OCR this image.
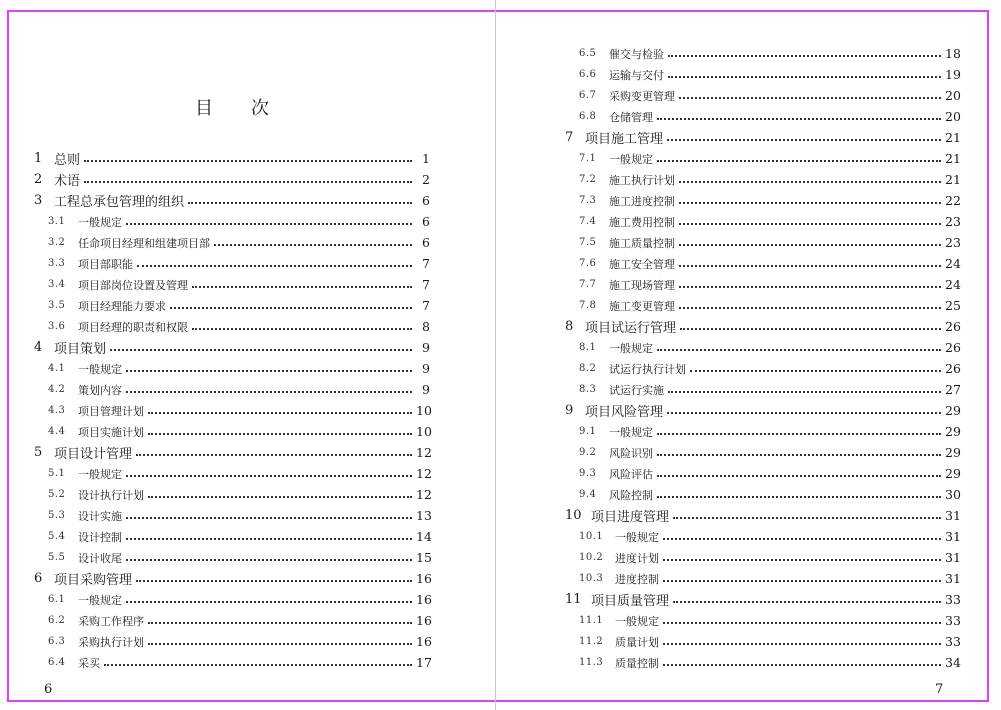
目 次
1 总则	1
2 术语	2
3 工程总承包管理的组织	6
3.1	一般规定	6
3.2	任命项目经理和组建项目部	6
3.3	项目部职能	7
3.4	项目部岗位设置及管理	7
3.5	项目经理能力要求	7
3.6	项目经理的职责和权限	8
4 项目策划	9
4.1	一般规定	9
4.2	策划内容	9
4.3	项目管理计划	10
4.4	项目实施计划	10
5 项目设计管理	12
5.1	一般规定	12
5.2	设计执行计划	12
5.3	设计实施	13
5.4	设计控制	14
5.5	设计收尾	15
6 项目采购管理	16
6.1	一般规定	16
6.2	采购工作程序	16
6.3	采购执行计划	16
6.4	采买	17
6.5	催交与检验	18
6.6	运输与交付	19
6.7	采购变更管理	20
6.8	仓储管理	20
7 项目施工管理	21
7.1	一般规定	21
7.2	施工执行计划	21
7.3	施工进度控制	22
7.4	施工费用控制	23
7.5	施工质量控制	23
7.6	施工安全管理	24
7.7	施工现场管理	24
7.8	施工变更管理	25
8 项目试运行管理	26
8.1	一般规定	26
8.2	试运行执行计划	26
8.3	试运行实施	27
9 项目风险管理	29
9.1	一般规定	29
9.2	风险识别	29
9.3	风险评估	29
9.4	风险控制	30
10 项目进度管理	31
10.1	一般规定	31
10.2	进度计划	31
10.3	进度控制	31
11 项目质量管理	33
11.1	一般规定	33
11.2	质量计划	33
11.3	质量控制	34
6	7
